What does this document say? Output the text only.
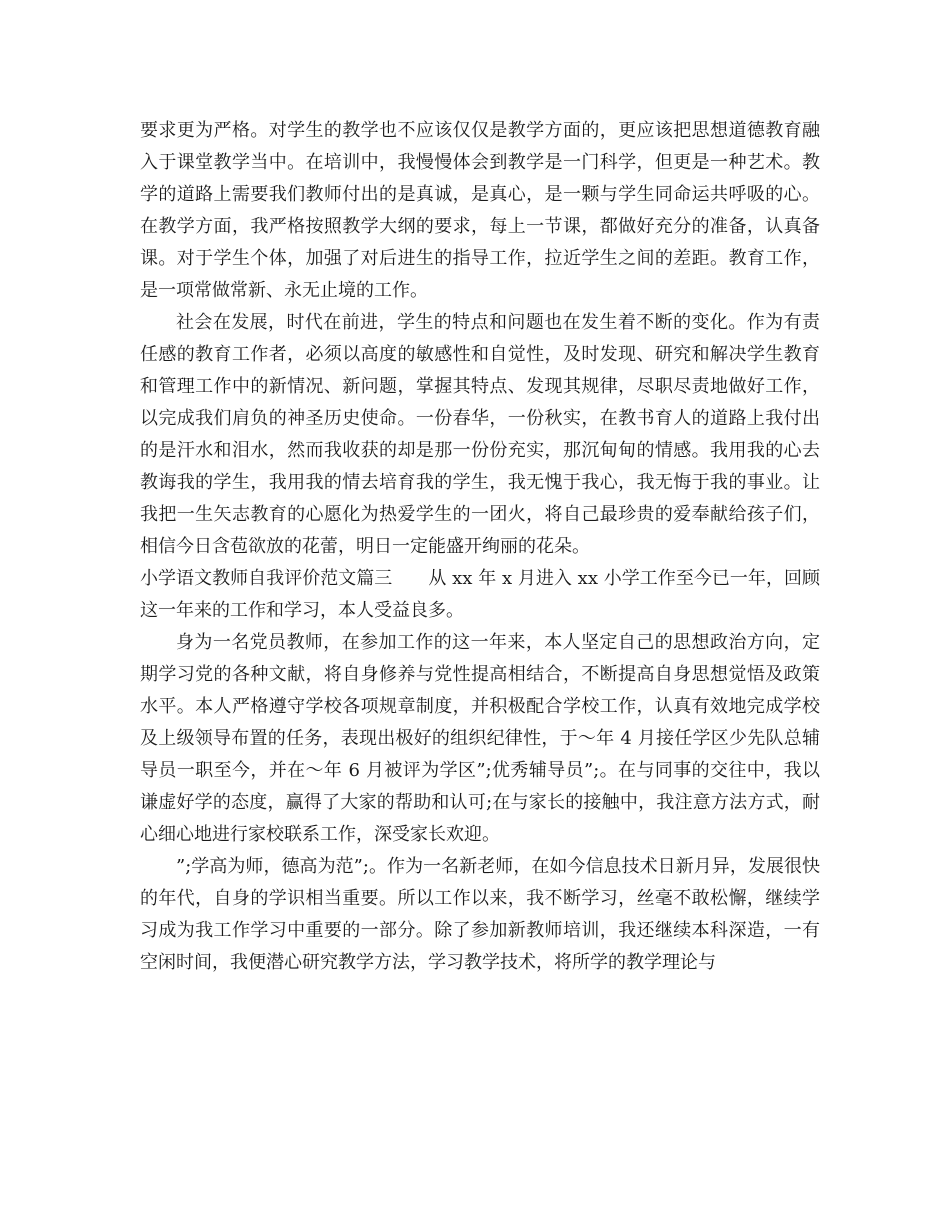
要求更为严格。对学生的教学也不应该仅仅是教学方面的，更应该把思想道德教育融入于课堂教学当中。在培训中，我慢慢体会到教学是一门科学，但更是一种艺术。教学的道路上需要我们教师付出的是真诚，是真心，是一颗与学生同命运共呼吸的心。在教学方面，我严格按照教学大纲的要求，每上一节课，都做好充分的准备，认真备课。对于学生个体，加强了对后进生的指导工作，拉近学生之间的差距。教育工作，是一项常做常新、永无止境的工作。

社会在发展，时代在前进，学生的特点和问题也在发生着不断的变化。作为有责任感的教育工作者，必须以高度的敏感性和自觉性，及时发现、研究和解决学生教育和管理工作中的新情况、新问题，掌握其特点、发现其规律，尽职尽责地做好工作，以完成我们肩负的神圣历史使命。一份春华，一份秋实，在教书育人的道路上我付出的是汗水和泪水，然而我收获的却是那一份份充实，那沉甸甸的情感。我用我的心去教诲我的学生，我用我的情去培育我的学生，我无愧于我心，我无悔于我的事业。让我把一生矢志教育的心愿化为热爱学生的一团火，将自己最珍贵的爱奉献给孩子们，相信今日含苞欲放的花蕾，明日一定能盛开绚丽的花朵。

小学语文教师自我评价范文篇三　　从 xx 年 x 月进入 xx 小学工作至今已一年，回顾这一年来的工作和学习，本人受益良多。

身为一名党员教师，在参加工作的这一年来，本人坚定自己的思想政治方向，定期学习党的各种文献，将自身修养与党性提高相结合，不断提高自身思想觉悟及政策水平。本人严格遵守学校各项规章制度，并积极配合学校工作，认真有效地完成学校及上级领导布置的任务，表现出极好的组织纪律性，于～年 4 月接任学区少先队总辅导员一职至今，并在～年 6 月被评为学区”;优秀辅导员”;。在与同事的交往中，我以谦虚好学的态度，赢得了大家的帮助和认可;在与家长的接触中，我注意方法方式，耐心细心地进行家校联系工作，深受家长欢迎。

”;学高为师，德高为范”;。作为一名新老师，在如今信息技术日新月异，发展很快的年代，自身的学识相当重要。所以工作以来，我不断学习，丝毫不敢松懈，继续学习成为我工作学习中重要的一部分。除了参加新教师培训，我还继续本科深造，一有空闲时间，我便潜心研究教学方法，学习教学技术，将所学的教学理论与
